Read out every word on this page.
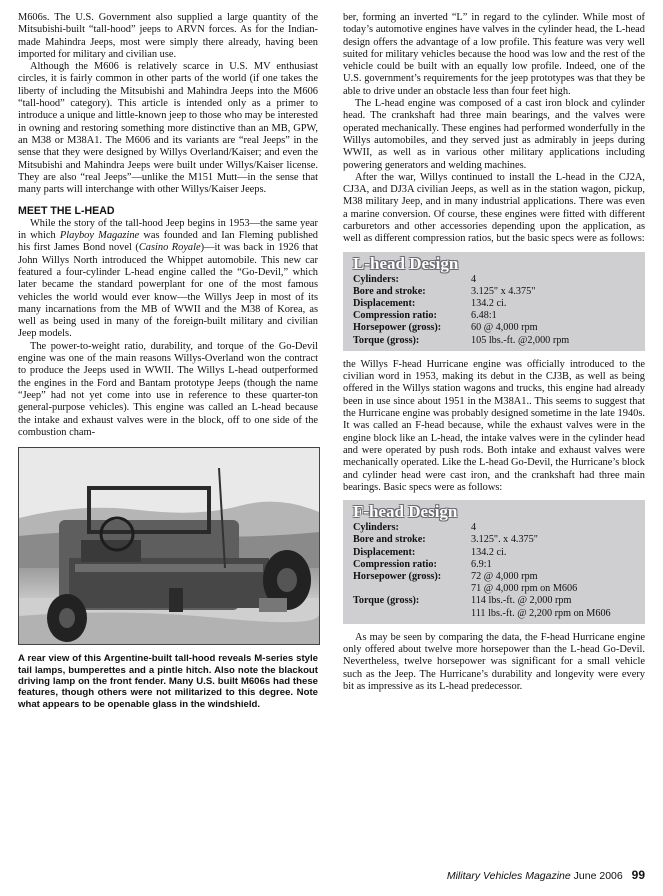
M606s. The U.S. Government also supplied a large quantity of the Mitsubishi-built “tall-hood” jeeps to ARVN forces. As for the Indian-made Mahindra Jeeps, most were simply there already, having been imported for military and civilian use.

Although the M606 is relatively scarce in U.S. MV enthusiast circles, it is fairly common in other parts of the world (if one takes the liberty of including the Mitsubishi and Mahindra Jeeps into the M606 “tall-hood” category). This article is intended only as a primer to introduce a unique and little-known jeep to those who may be interested in owning and restoring something more distinctive than an MB, GPW, an M38 or M38A1. The M606 and its variants are “real Jeeps” in the sense that they were designed by Willys Overland/Kaiser; and even the Mitsubishi and Mahindra Jeeps were built under Willys/Kaiser license. They are also “real Jeeps”—unlike the M151 Mutt—in the sense that many parts will interchange with other Willys/Kaiser Jeeps.

MEET THE L-HEAD

While the story of the tall-hood Jeep begins in 1953—the same year in which Playboy Magazine was founded and Ian Fleming published his first James Bond novel (Casino Royale)—it was back in 1926 that John Willys North introduced the Whippet automobile. This new car featured a four-cylinder L-head engine called the “Go-Devil,” which later became the standard powerplant for one of the most famous vehicles the world would ever know—the Willys Jeep in most of its many incarnations from the MB of WWII and the M38 of Korea, as well as being used in many of the foreign-built military and civilian Jeep models.

The power-to-weight ratio, durability, and torque of the Go-Devil engine was one of the main reasons Willys-Overland won the contract to produce the Jeeps used in WWII. The Willys L-head outperformed the engines in the Ford and Bantam prototype Jeeps (though the name “Jeep” had not yet come into use in reference to these quarter-ton general-purpose vehicles). This engine was called an L-head because the intake and exhaust valves were in the block, off to one side of the combustion cham-

A rear view of this Argentine-built tall-hood reveals M-series style tail lamps, bumperettes and a pintle hitch. Also note the blackout driving lamp on the front fender. Many U.S. built M606s had these features, though others were not militarized to this degree. Note what appears to be openable glass in the windshield.

ber, forming an inverted “L” in regard to the cylinder. While most of today’s automotive engines have valves in the cylinder head, the L-head design offers the advantage of a low profile. This feature was very well suited for military vehicles because the hood was low and the rest of the vehicle could be built with an equally low profile. Indeed, one of the U.S. government’s requirements for the jeep prototypes was that they be able to drive under an obstacle less than four feet high.

The L-head engine was composed of a cast iron block and cylinder head. The crankshaft had three main bearings, and the valves were operated mechanically. These engines had performed wonderfully in the Willys automobiles, and they served just as admirably in jeeps during WWII, as well as in various other military applications including powering generators and welding machines.

After the war, Willys continued to install the L-head in the CJ2A, CJ3A, and DJ3A civilian Jeeps, as well as in the station wagon, pickup, M38 military Jeep, and in many industrial applications. There was even a marine conversion. Of course, these engines were fitted with different carburetors and other accessories depending upon the application, as well as different compression ratios, but the basic specs were as follows:

L-head Design
Cylinders:	4
Bore and stroke:	3.125" x 4.375"
Displacement:	134.2 ci.
Compression ratio:	6.48:1
Horsepower (gross):	60 @ 4,000 rpm
Torque (gross):	105 lbs.-ft. @2,000 rpm

the Willys F-head Hurricane engine was officially introduced to the civilian word in 1953, making its debut in the CJ3B, as well as being offered in the Willys station wagons and trucks, this engine had already been in use since about 1951 in the M38A1.. This seems to suggest that the Hurricane engine was probably designed sometime in the late 1940s. It was called an F-head because, while the exhaust valves were in the engine block like an L-head, the intake valves were in the cylinder head and were operated by push rods. Both intake and exhaust valves were mechanically operated. Like the L-head Go-Devil, the Hurricane’s block and cylinder head were cast iron, and the crankshaft had three main bearings. Basic specs were as follows:

F-head Design
Cylinders:	4
Bore and stroke:	3.125". x 4.375"
Displacement:	134.2 ci.
Compression ratio:	6.9:1
Horsepower (gross):	72 @ 4,000 rpm
	71 @ 4,000 rpm on M606
Torque (gross):	114 lbs.-ft. @ 2,000 rpm
	111 lbs.-ft. @ 2,200 rpm on M606

As may be seen by comparing the data, the F-head Hurricane engine only offered about twelve more horsepower than the L-head Go-Devil. Nevertheless, twelve horsepower was significant for a small vehicle such as the Jeep. The Hurricane’s durability and longevity were every bit as impressive as its L-head predecessor.

Military Vehicles Magazine June 2006 99
